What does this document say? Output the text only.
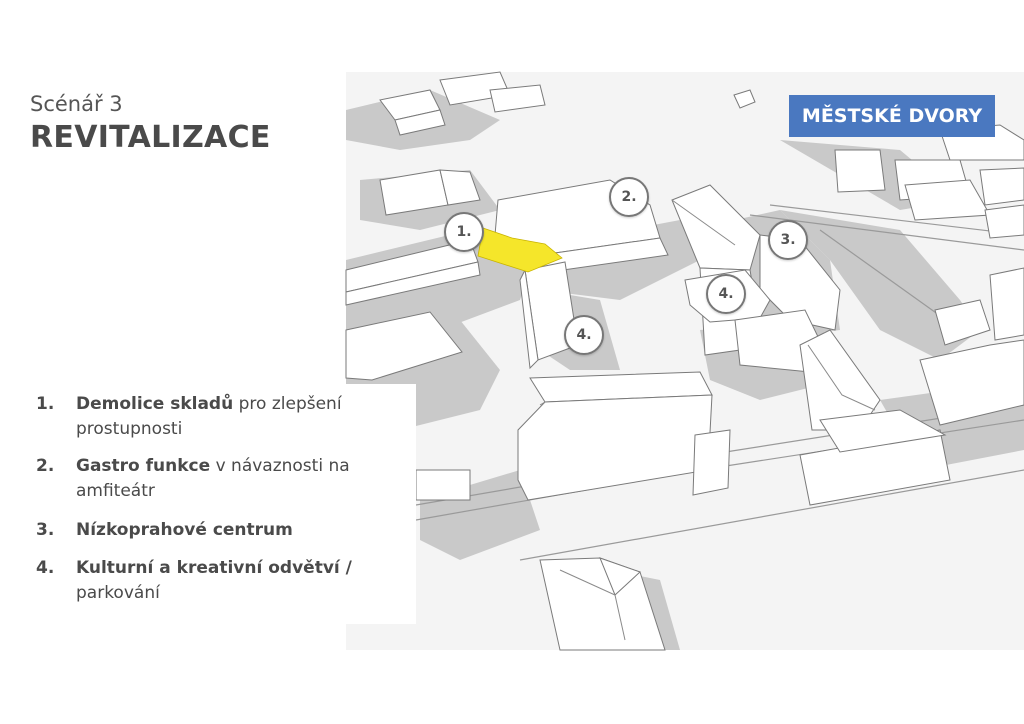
1.
2.
3.
4.
4.
Scénář 3
REVITALIZACE
MĚSTSKÉ DVORY
1. Demolice skladů pro zlepšení prostupnosti
2. Gastro funkce v návaznosti na amfiteátr
3. Nízkoprahové centrum
4. Kulturní a kreativní odvětví / parkování
